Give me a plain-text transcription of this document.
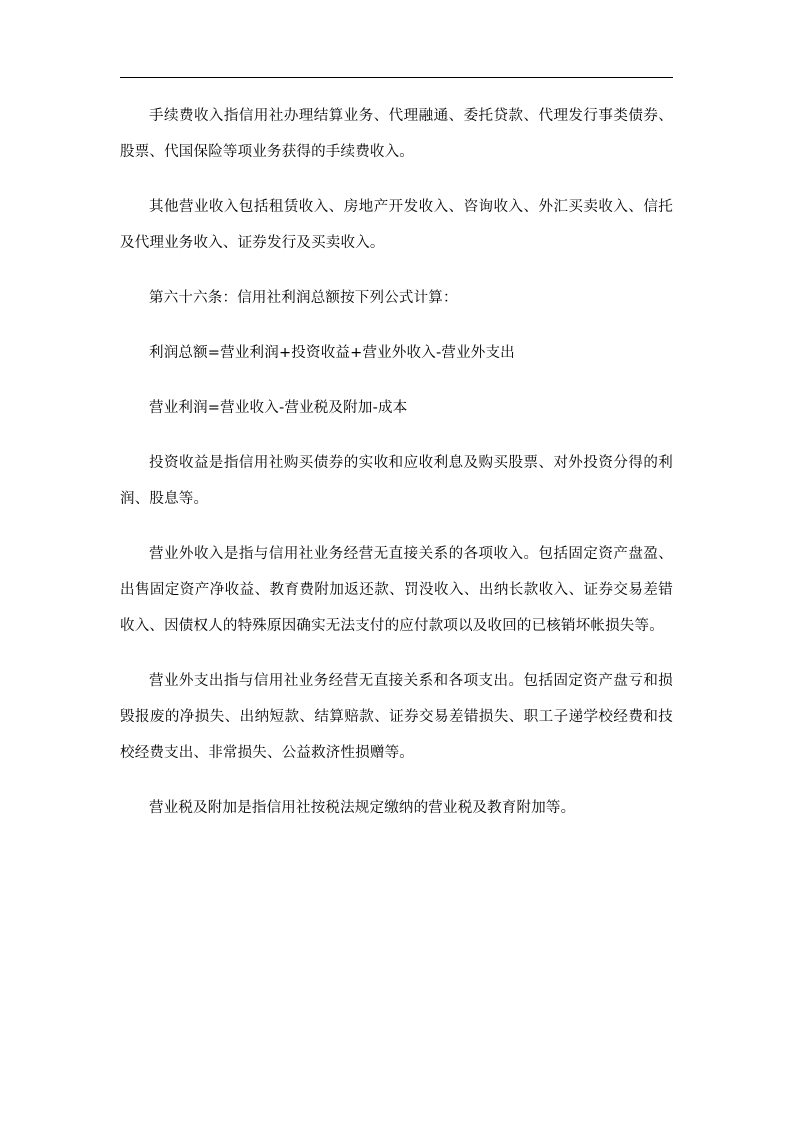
手续费收入指信用社办理结算业务、代理融通、委托贷款、代理发行事类债券、股票、代国保险等项业务获得的手续费收入。

其他营业收入包括租赁收入、房地产开发收入、咨询收入、外汇买卖收入、信托及代理业务收入、证券发行及买卖收入。

第六十六条：信用社利润总额按下列公式计算：

利润总额=营业利润+投资收益+营业外收入-营业外支出

营业利润=营业收入-营业税及附加-成本

投资收益是指信用社购买债券的实收和应收利息及购买股票、对外投资分得的利润、股息等。

营业外收入是指与信用社业务经营无直接关系的各项收入。包括固定资产盘盈、出售固定资产净收益、教育费附加返还款、罚没收入、出纳长款收入、证券交易差错收入、因债权人的特殊原因确实无法支付的应付款项以及收回的已核销坏帐损失等。

营业外支出指与信用社业务经营无直接关系和各项支出。包括固定资产盘亏和损毁报废的净损失、出纳短款、结算赔款、证券交易差错损失、职工子递学校经费和技校经费支出、非常损失、公益救济性损赠等。

营业税及附加是指信用社按税法规定缴纳的营业税及教育附加等。
